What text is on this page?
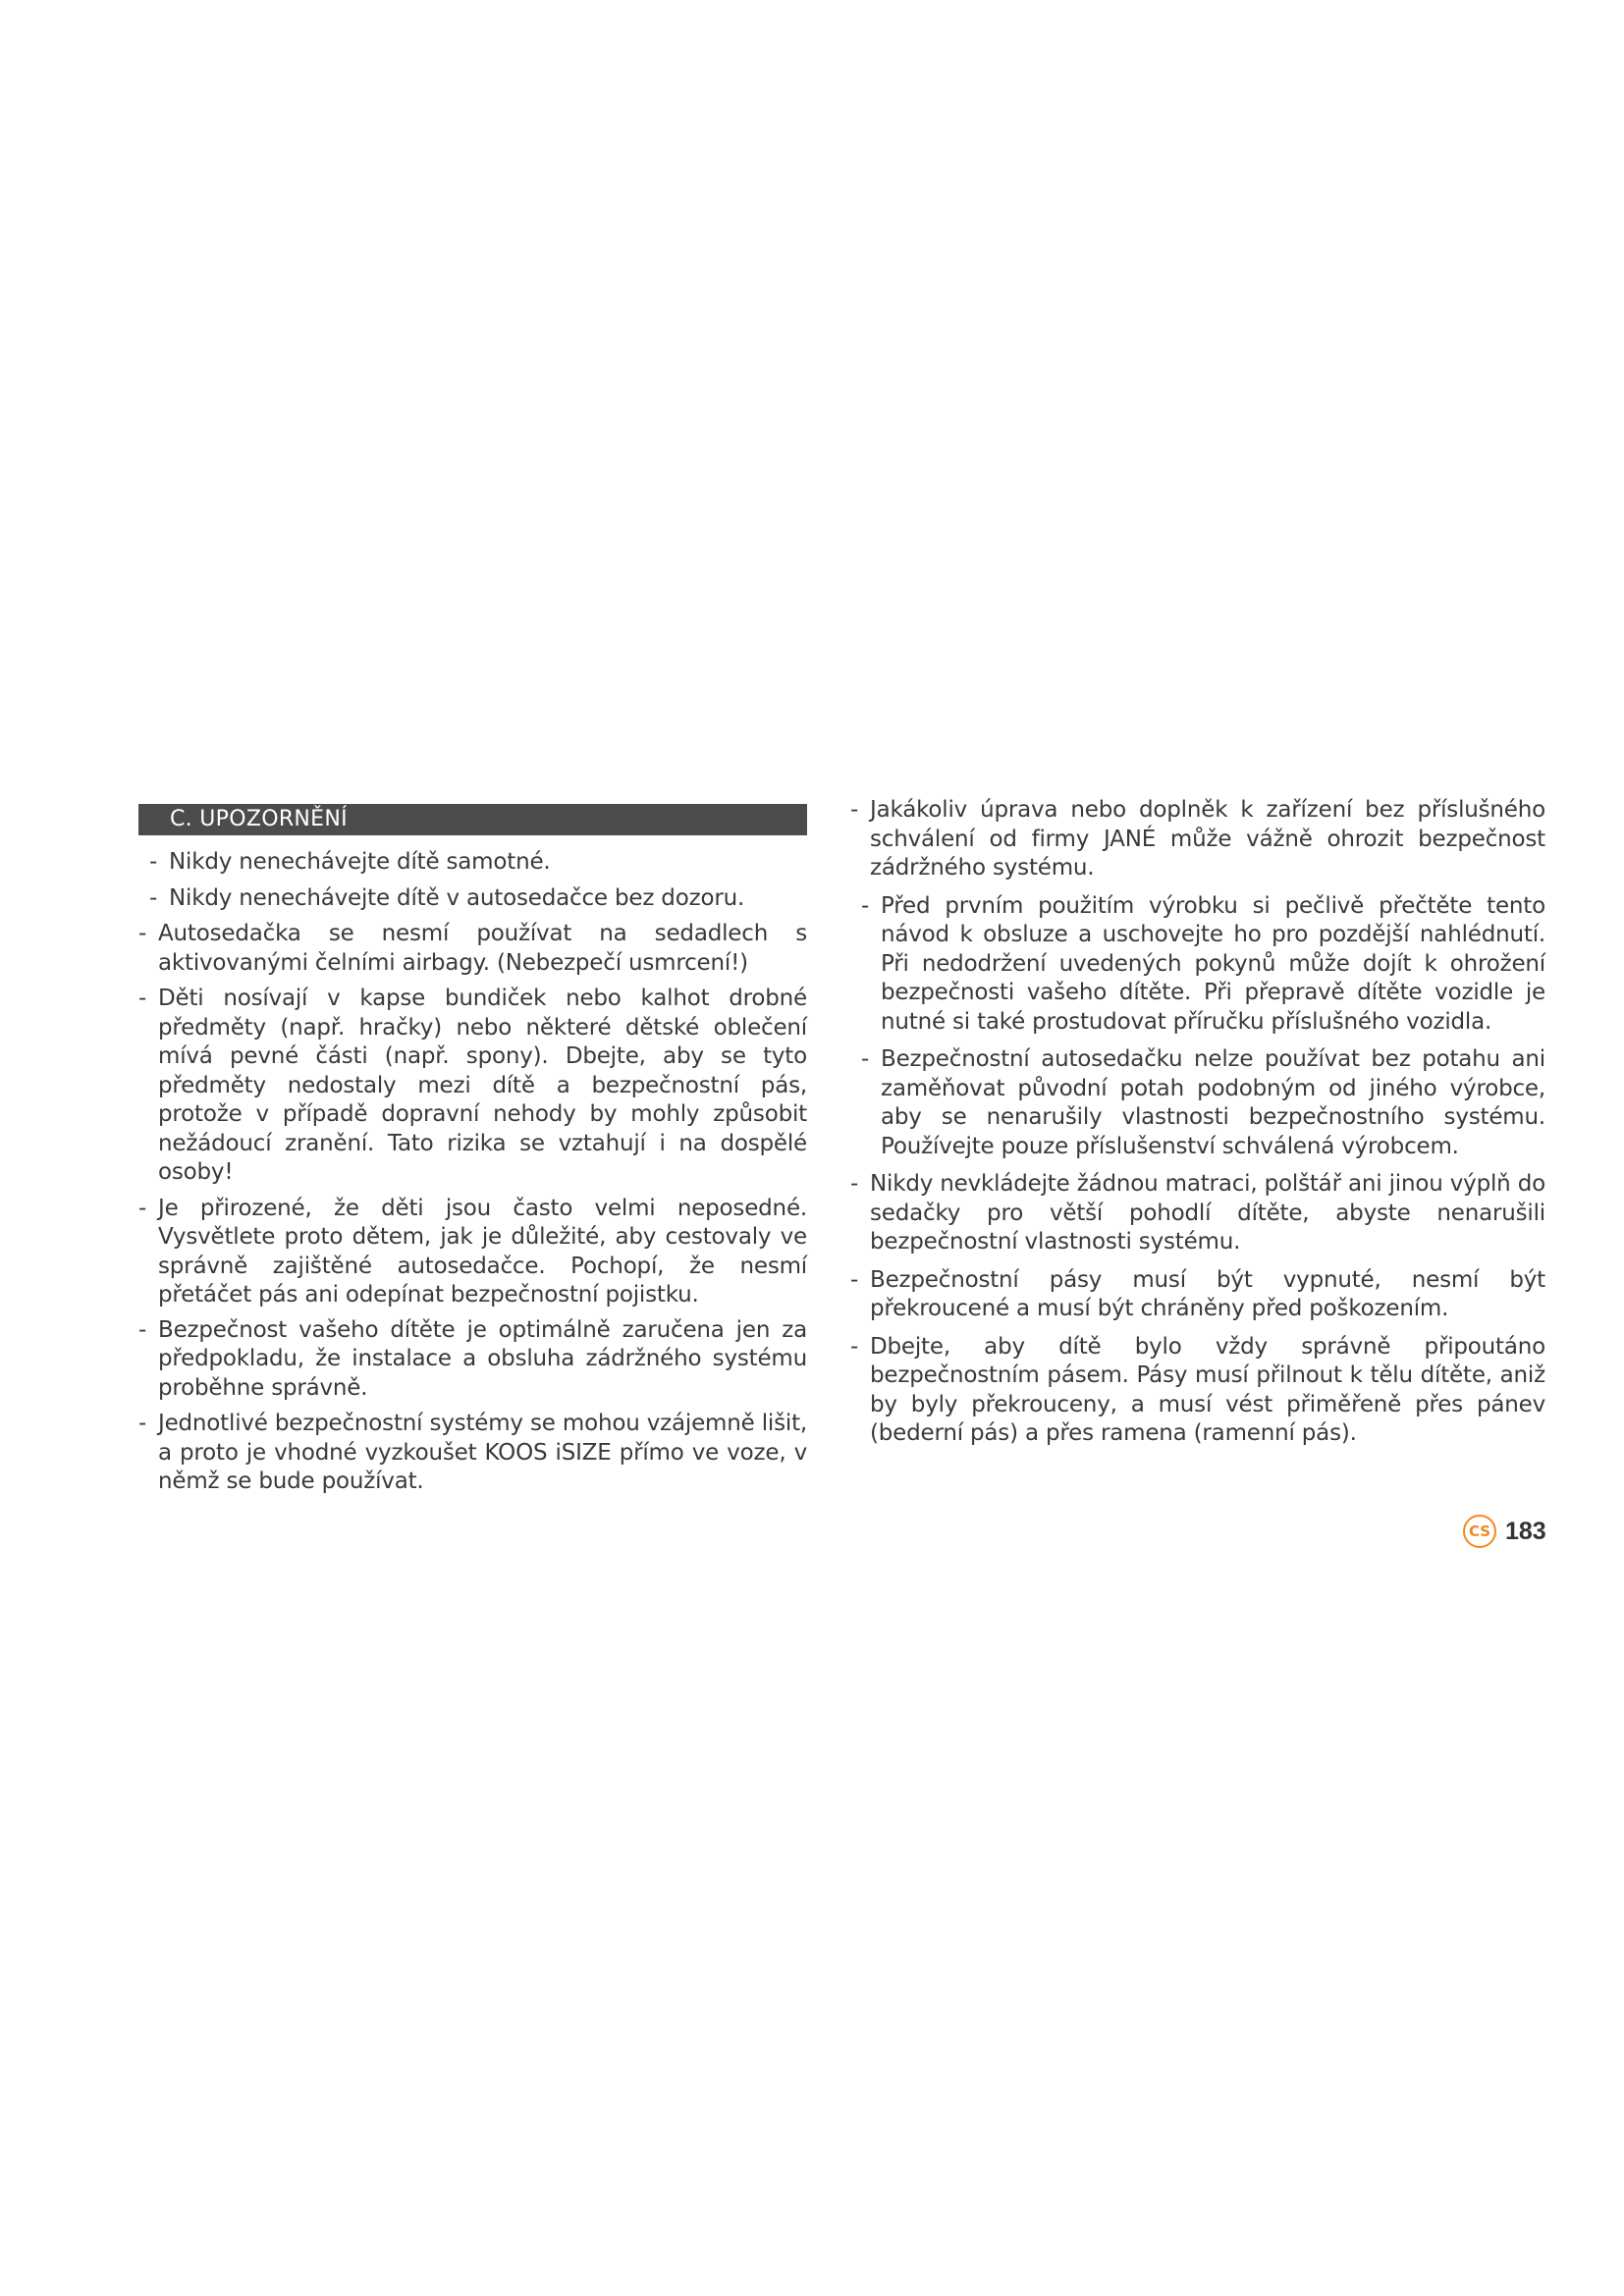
C. UPOZORNĚNÍ
- Nikdy nenechávejte dítě samotné.
- Nikdy nenechávejte dítě v autosedačce bez dozoru.
- Autosedačka se nesmí používat na sedadlech s aktivovanými čelními airbagy. (Nebezpečí usmrcení!)
- Děti nosívají v kapse bundiček nebo kalhot drobné předměty (např. hračky) nebo některé dětské oblečení mívá pevné části (např. spony). Dbejte, aby se tyto předměty nedostaly mezi dítě a bezpečnostní pás, protože v případě dopravní nehody by mohly způsobit nežádoucí zranění. Tato rizika se vztahují i na dospělé osoby!
- Je přirozené, že děti jsou často velmi neposedné. Vysvětlete proto dětem, jak je důležité, aby cestovaly ve správně zajištěné autosedačce. Pochopí, že nesmí přetáčet pás ani odepínat bezpečnostní pojistku.
- Bezpečnost vašeho dítěte je optimálně zaručena jen za předpokladu, že instalace a obsluha zádržného systému proběhne správně.
- Jednotlivé bezpečnostní systémy se mohou vzájemně lišit, a proto je vhodné vyzkoušet KOOS iSIZE přímo ve voze, v němž se bude používat.
- Jakákoliv úprava nebo doplněk k zařízení bez příslušného schválení od firmy JANÉ může vážně ohrozit bezpečnost zádržného systému.
- Před prvním použitím výrobku si pečlivě přečtěte tento návod k obsluze a uschovejte ho pro pozdější nahlédnutí. Při nedodržení uvedených pokynů může dojít k ohrožení bezpečnosti vašeho dítěte. Při přepravě dítěte vozidle je nutné si také prostudovat příručku příslušného vozidla.
- Bezpečnostní autosedačku nelze používat bez potahu ani zaměňovat původní potah podobným od jiného výrobce, aby se nenarušily vlastnosti bezpečnostního systému. Používejte pouze příslušenství schválená výrobcem.
- Nikdy nevkládejte žádnou matraci, polštář ani jinou výplň do sedačky pro větší pohodlí dítěte, abyste nenarušili bezpečnostní vlastnosti systému.
- Bezpečnostní pásy musí být vypnuté, nesmí být překroucené a musí být chráněny před poškozením.
- Dbejte, aby dítě bylo vždy správně připoutáno bezpečnostním pásem. Pásy musí přilnout k tělu dítěte, aniž by byly překrouceny, a musí vést přiměřeně přes pánev (bederní pás) a přes ramena (ramenní pás).
CS 183
